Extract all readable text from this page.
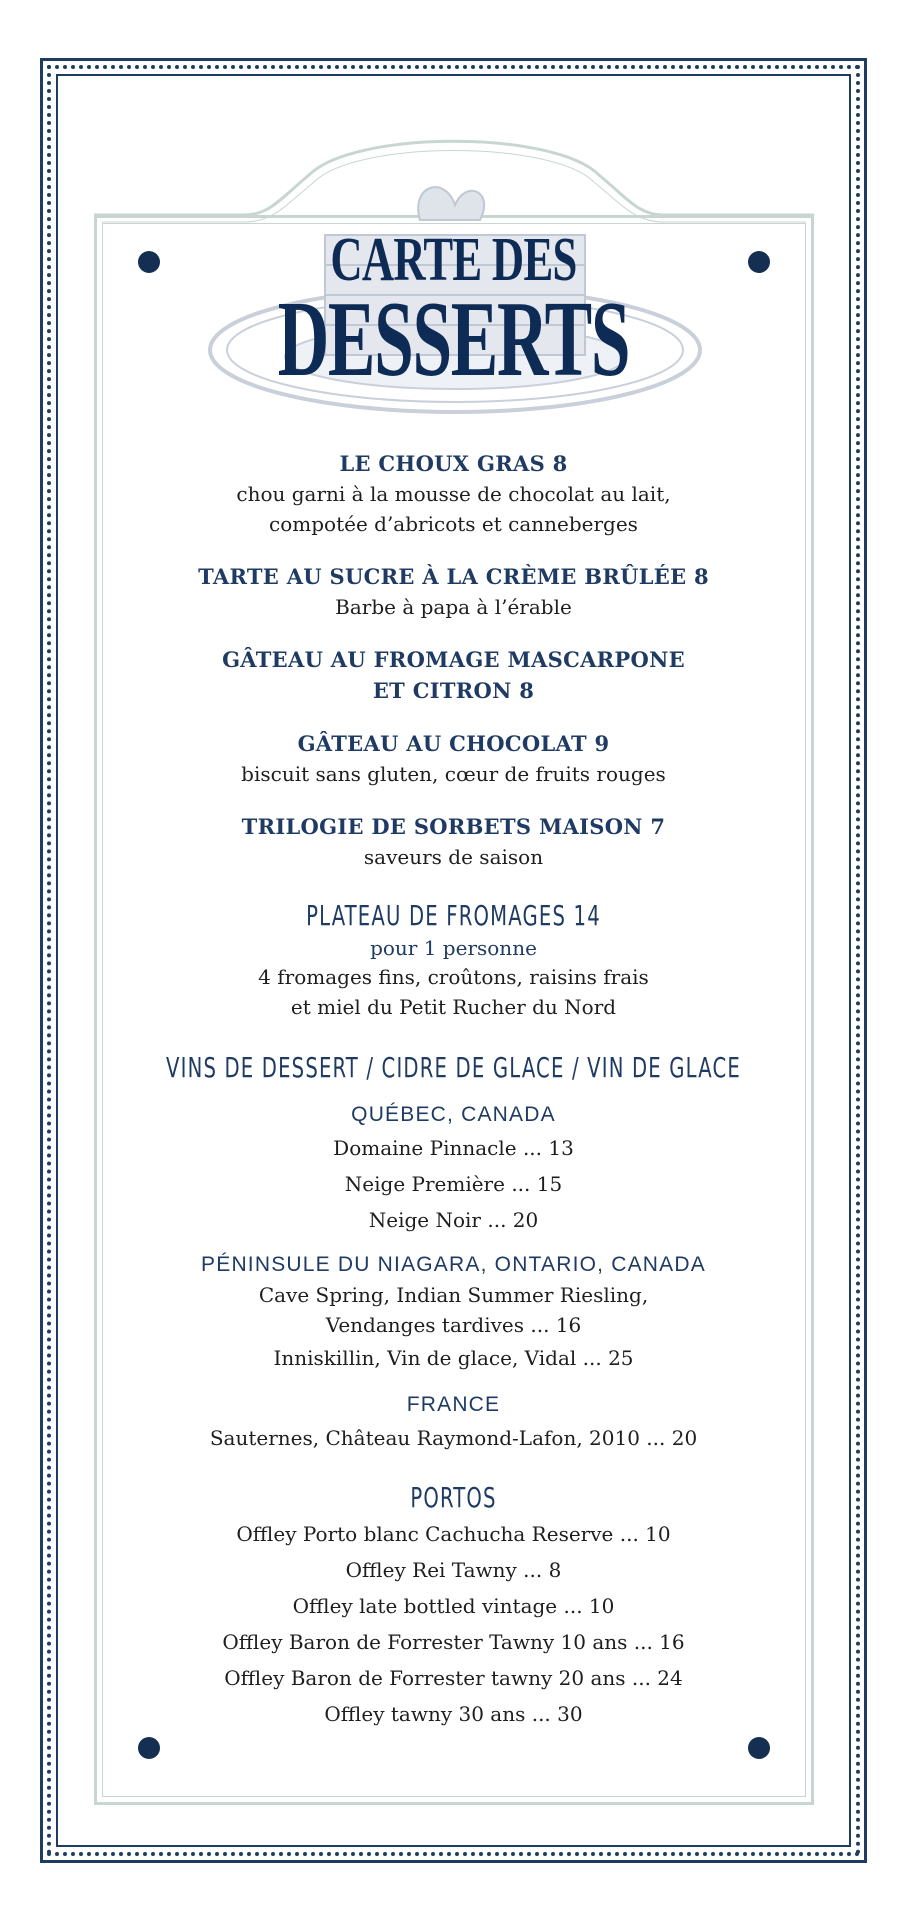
CARTE DES
DESSERTS
LE CHOUX GRAS 8
chou garni à la mousse de chocolat au lait,
compotée d’abricots et canneberges
TARTE AU SUCRE À LA CRÈME BRÛLÉE 8
Barbe à papa à l’érable
GÂTEAU AU FROMAGE MASCARPONE
ET CITRON 8
GÂTEAU AU CHOCOLAT 9
biscuit sans gluten, cœur de fruits rouges
TRILOGIE DE SORBETS MAISON 7
saveurs de saison
PLATEAU DE FROMAGES 14
pour 1 personne
4 fromages fins, croûtons, raisins frais
et miel du Petit Rucher du Nord
VINS DE DESSERT / CIDRE DE GLACE / VIN DE GLACE
QUÉBEC, CANADA
Domaine Pinnacle ... 13
Neige Première ... 15
Neige Noir ... 20
PÉNINSULE DU NIAGARA, ONTARIO, CANADA
Cave Spring, Indian Summer Riesling,
Vendanges tardives ... 16
Inniskillin, Vin de glace, Vidal ... 25
FRANCE
Sauternes, Château Raymond-Lafon, 2010 ... 20
PORTOS
Offley Porto blanc Cachucha Reserve ... 10
Offley Rei Tawny ... 8
Offley late bottled vintage ... 10
Offley Baron de Forrester Tawny 10 ans ... 16
Offley Baron de Forrester tawny 20 ans ... 24
Offley tawny 30 ans ... 30
